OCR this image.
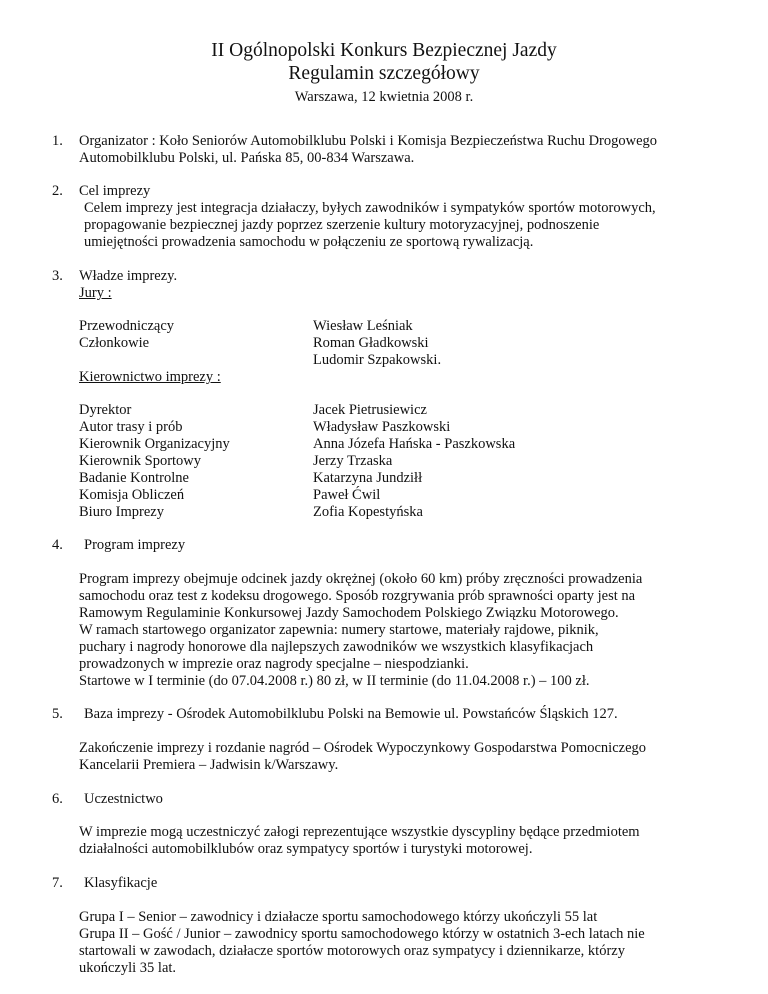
II Ogólnopolski Konkurs Bezpiecznej Jazdy
Regulamin szczegółowy
Warszawa, 12 kwietnia 2008 r.
1. Organizator : Koło Seniorów Automobilklubu Polski i Komisja Bezpieczeństwa Ruchu Drogowego
Automobilklubu Polski, ul. Pańska 85, 00-834 Warszawa.
2. Cel imprezy
Celem imprezy jest integracja działaczy, byłych zawodników i sympatyków sportów motorowych,
propagowanie bezpiecznej jazdy poprzez szerzenie kultury motoryzacyjnej, podnoszenie
umiejętności prowadzenia samochodu w połączeniu ze sportową rywalizacją.
3. Władze imprezy.
Jury :
Przewodniczący
Członkowie
Wiesław Leśniak
Roman Gładkowski
Ludomir Szpakowski.
Kierownictwo imprezy :
Dyrektor
Autor trasy i prób
Kierownik Organizacyjny
Kierownik Sportowy
Badanie Kontrolne
Komisja Obliczeń
Biuro Imprezy
Jacek Pietrusiewicz
Władysław Paszkowski
Anna Józefa Hańska - Paszkowska
Jerzy Trzaska
Katarzyna Jundziłł
Paweł Ćwil
Zofia Kopestyńska
4. Program imprezy
Program imprezy obejmuje odcinek jazdy okrężnej (około 60 km) próby zręczności prowadzenia
samochodu oraz test z kodeksu drogowego. Sposób rozgrywania prób sprawności oparty jest na
Ramowym Regulaminie Konkursowej Jazdy Samochodem Polskiego Związku Motorowego.
W ramach startowego organizator zapewnia: numery startowe, materiały rajdowe, piknik,
puchary i nagrody honorowe dla najlepszych zawodników we wszystkich klasyfikacjach
prowadzonych w imprezie oraz nagrody specjalne – niespodzianki.
Startowe w I terminie (do 07.04.2008 r.) 80 zł, w II terminie (do 11.04.2008 r.) – 100 zł.
5. Baza imprezy - Ośrodek Automobilklubu Polski na Bemowie ul. Powstańców Śląskich 127.
Zakończenie imprezy i rozdanie nagród – Ośrodek Wypoczynkowy Gospodarstwa Pomocniczego
Kancelarii Premiera – Jadwisin k/Warszawy.
6. Uczestnictwo
W imprezie mogą uczestniczyć załogi reprezentujące wszystkie dyscypliny będące przedmiotem
działalności automobilklubów oraz sympatycy sportów i turystyki motorowej.
7. Klasyfikacje
Grupa I – Senior – zawodnicy i działacze sportu samochodowego którzy ukończyli 55 lat
Grupa II – Gość / Junior – zawodnicy sportu samochodowego którzy w ostatnich 3-ech latach nie
startowali w zawodach, działacze sportów motorowych oraz sympatycy i dziennikarze, którzy
ukończyli 35 lat.
